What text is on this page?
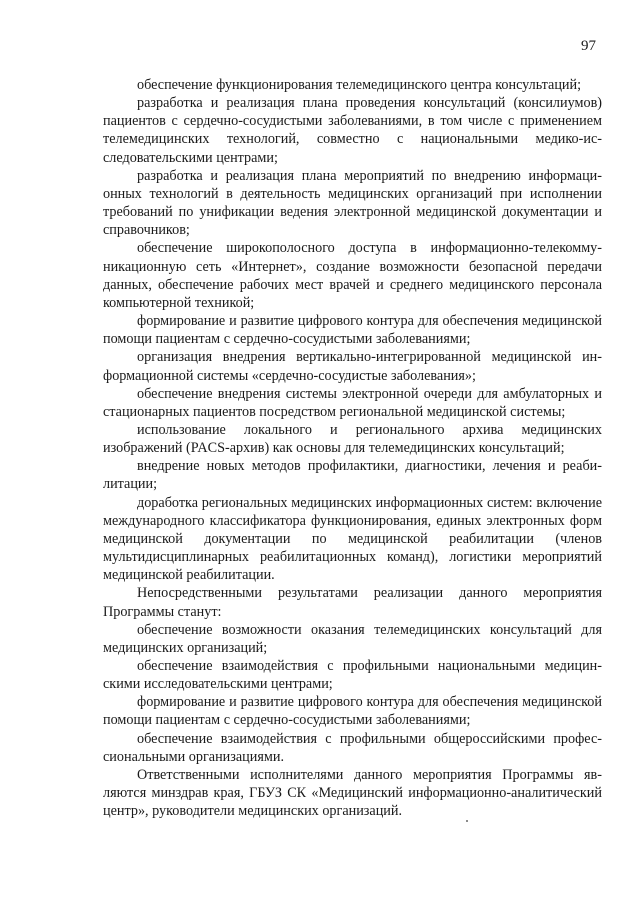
97

обеспечение функционирования телемедицинского центра консультаций;

разработка и реализация плана проведения консультаций (консилиумов) пациентов с сердечно-сосудистыми заболеваниями, в том числе с применением телемедицинских технологий, совместно с национальными медико-исследовательскими центрами;

разработка и реализация плана мероприятий по внедрению информационных технологий в деятельность медицинских организаций при исполнении требований по унификации ведения электронной медицинской документации и справочников;

обеспечение широкополосного доступа в информационно-телекоммуникационную сеть «Интернет», создание возможности безопасной передачи данных, обеспечение рабочих мест врачей и среднего медицинского персонала компьютерной техникой;

формирование и развитие цифрового контура для обеспечения медицинской помощи пациентам с сердечно-сосудистыми заболеваниями;

организация внедрения вертикально-интегрированной медицинской информационной системы «сердечно-сосудистые заболевания»;

обеспечение внедрения системы электронной очереди для амбулаторных и стационарных пациентов посредством региональной медицинской системы;

использование локального и регионального архива медицинских изображений (PACS-архив) как основы для телемедицинских консультаций;

внедрение новых методов профилактики, диагностики, лечения и реабилитации;

доработка региональных медицинских информационных систем: включение международного классификатора функционирования, единых электронных форм медицинской документации по медицинской реабилитации (членов мультидисциплинарных реабилитационных команд), логистики мероприятий медицинской реабилитации.

Непосредственными результатами реализации данного мероприятия Программы станут:

обеспечение возможности оказания телемедицинских консультаций для медицинских организаций;

обеспечение взаимодействия с профильными национальными медицинскими исследовательскими центрами;

формирование и развитие цифрового контура для обеспечения медицинской помощи пациентам с сердечно-сосудистыми заболеваниями;

обеспечение взаимодействия с профильными общероссийскими профессиональными организациями.

Ответственными исполнителями данного мероприятия Программы являются минздрав края, ГБУЗ СК «Медицинский информационно-аналитический центр», руководители медицинских организаций.
